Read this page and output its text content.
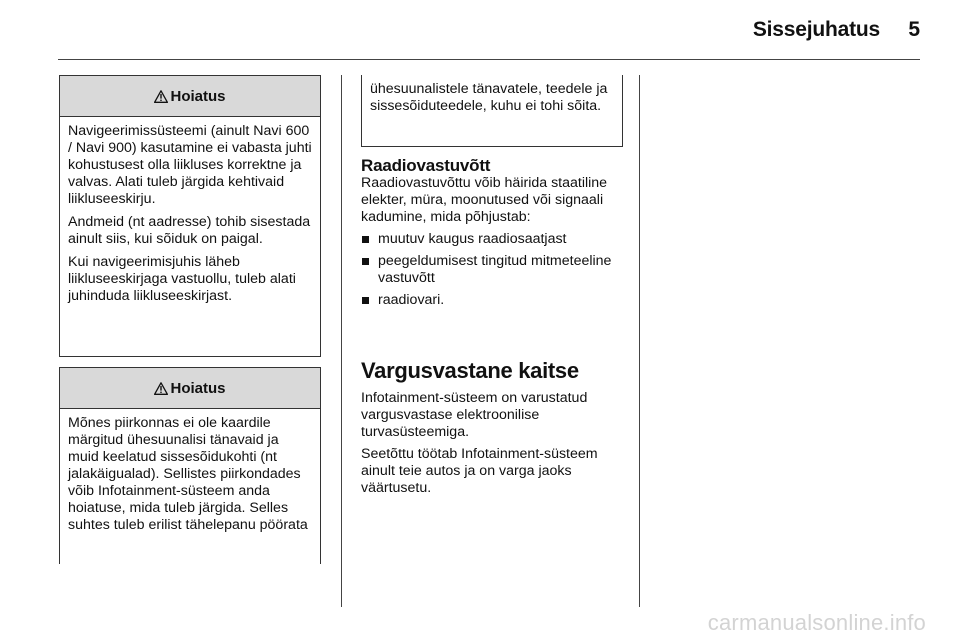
Sissejuhatus 5
Hoiatus

Navigeerimissüsteemi (ainult Navi 600 / Navi 900) kasutamine ei vabasta juhti kohustusest olla liikluses korrektne ja valvas. Alati tuleb järgida kehtivaid liikluseeskirju.

Andmeid (nt aadresse) tohib sisestada ainult siis, kui sõiduk on paigal.

Kui navigeerimisjuhis läheb liikluseeskirjaga vastuollu, tuleb alati juhinduda liikluseeskirjast.

Hoiatus

Mõnes piirkonnas ei ole kaardile märgitud ühesuunalisi tänavaid ja muid keelatud sissesõidukohti (nt jalakäigualad). Sellistes piirkondades võib Infotainment-süsteem anda hoiatuse, mida tuleb järgida. Selles suhtes tuleb erilist tähelepanu pöörata

ühesuunalistele tänavatele, teedele ja sissesõiduteedele, kuhu ei tohi sõita.

Raadiovastuvõtt

Raadiovastuvõttu võib häirida staatiline elekter, müra, moonutused või signaali kadumine, mida põhjustab:

muutuv kaugus raadiosaatjast
peegeldumisest tingitud mitmeteeline vastuvõtt
raadiovari.
Vargusvastane kaitse

Infotainment-süsteem on varustatud vargusvastase elektroonilise turvasüsteemiga.

Seetõttu töötab Infotainment-süsteem ainult teie autos ja on varga jaoks väärtusetu.

carmanualsonline.info
